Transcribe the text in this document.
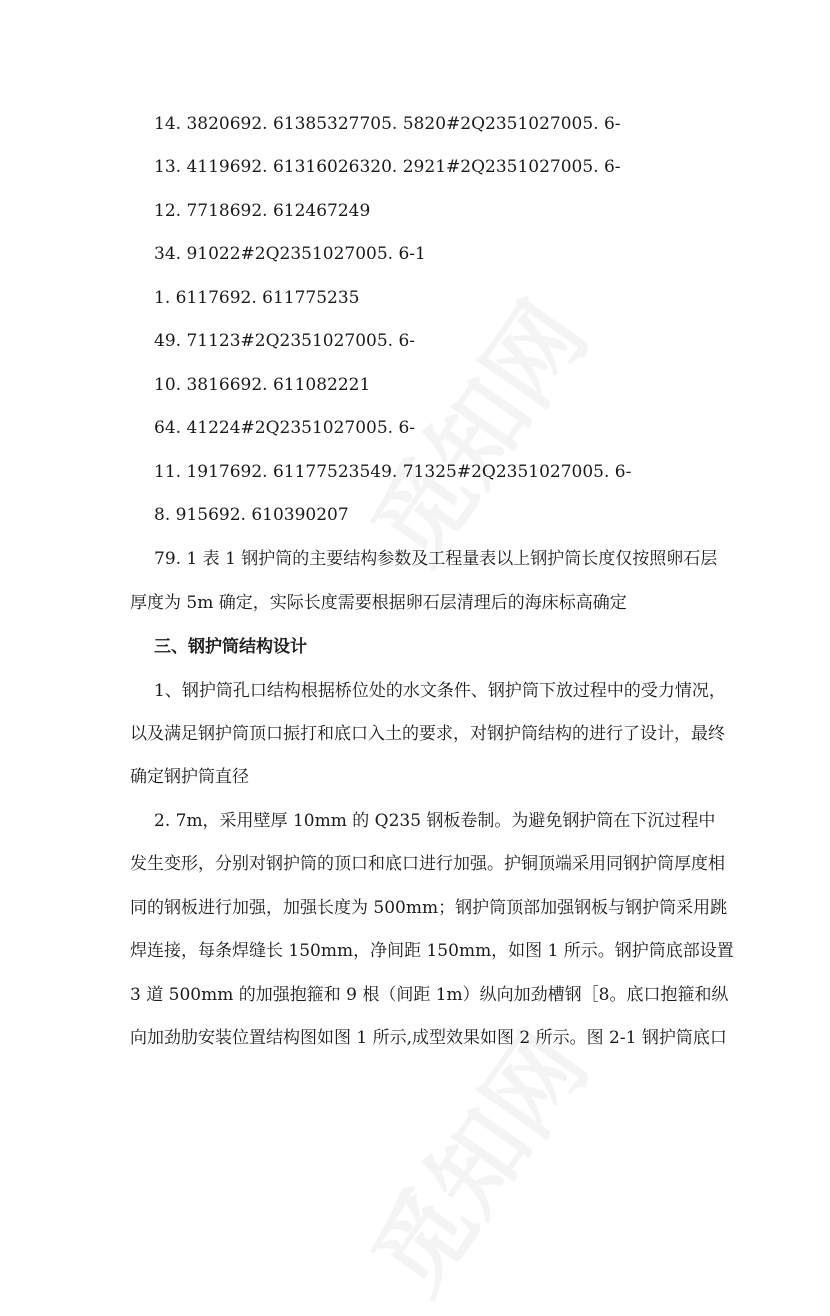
14. 3820692. 61385327705. 5820#2Q2351027005. 6-
13. 4119692. 61316026320. 2921#2Q2351027005. 6-
12. 7718692. 612467249
34. 91022#2Q2351027005. 6-1
1. 6117692. 611775235
49. 71123#2Q2351027005. 6-
10. 3816692. 611082221
64. 41224#2Q2351027005. 6-
11. 1917692. 61177523549. 71325#2Q2351027005. 6-
8. 915692. 610390207
79. 1 表 1 钢护筒的主要结构参数及工程量表以上钢护筒长度仅按照卵石层
厚度为 5m 确定，实际长度需要根据卵石层清理后的海床标高确定
三、钢护筒结构设计
1、钢护筒孔口结构根据桥位处的水文条件、钢护筒下放过程中的受力情况，
以及满足钢护筒顶口振打和底口入土的要求，对钢护筒结构的进行了设计，最终
确定钢护筒直径
2. 7m，采用壁厚 10mm 的 Q235 钢板卷制。为避免钢护筒在下沉过程中
发生变形，分别对钢护筒的顶口和底口进行加强。护铜顶端采用同钢护筒厚度相
同的钢板进行加强，加强长度为 500mm；钢护筒顶部加强钢板与钢护筒采用跳
焊连接，每条焊缝长 150mm，净间距 150mm，如图 1 所示。钢护筒底部设置
3 道 500mm 的加强抱箍和 9 根（间距 1m）纵向加劲槽钢［8。底口抱箍和纵
向加劲肋安装位置结构图如图 1 所示,成型效果如图 2 所示。图 2-1 钢护筒底口
